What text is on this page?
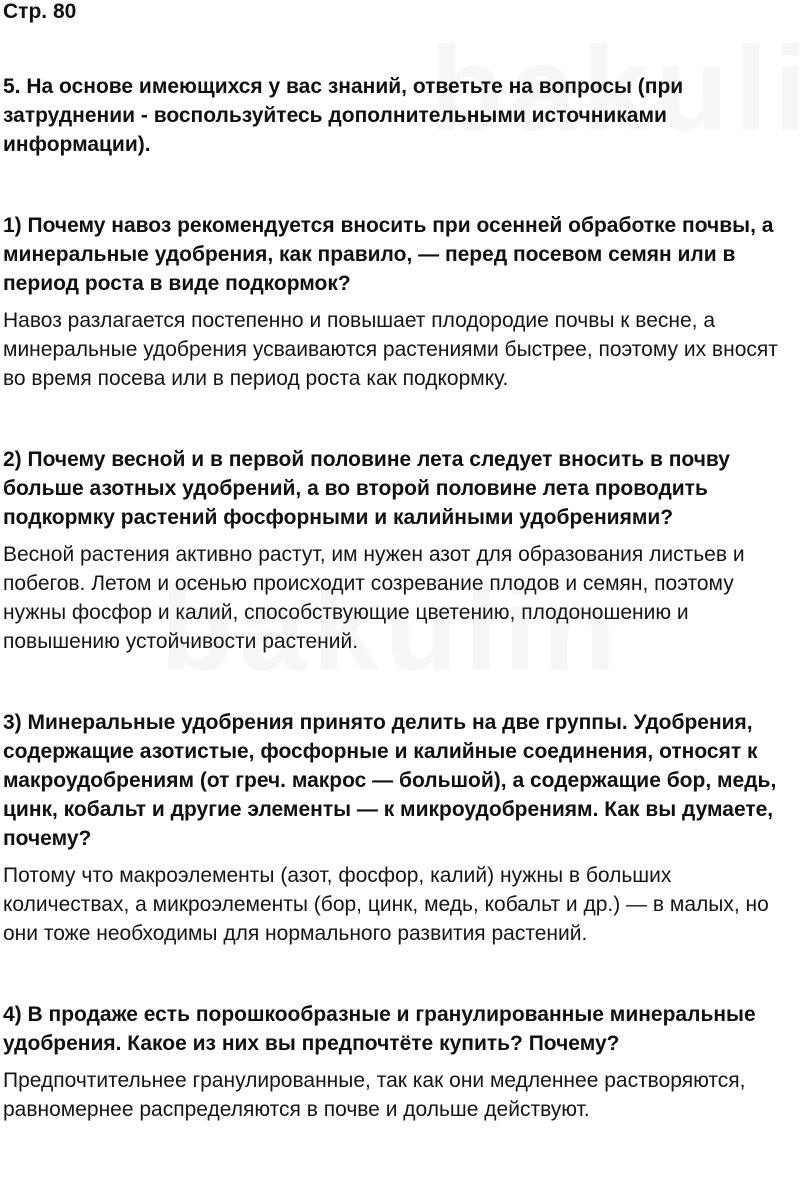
Стр. 80
5. На основе имеющихся у вас знаний, ответьте на вопросы (при затруднении - воспользуйтесь дополнительными источниками информации).
1) Почему навоз рекомендуется вносить при осенней обработке почвы, а минеральные удобрения, как правило, — перед посевом семян или в период роста в виде подкормок?
Навоз разлагается постепенно и повышает плодородие почвы к весне, а минеральные удобрения усваиваются растениями быстрее, поэтому их вносят во время посева или в период роста как подкормку.
2) Почему весной и в первой половине лета следует вносить в почву больше азотных удобрений, а во второй половине лета проводить подкормку растений фосфорными и калийными удобрениями?
Весной растения активно растут, им нужен азот для образования листьев и побегов. Летом и осенью происходит созревание плодов и семян, поэтому нужны фосфор и калий, способствующие цветению, плодоношению и повышению устойчивости растений.
3) Минеральные удобрения принято делить на две группы. Удобрения, содержащие азотистые, фосфорные и калийные соединения, относят к макроудобрениям (от греч. макрос — большой), а содержащие бор, медь, цинк, кобальт и другие элементы — к микроудобрениям. Как вы думаете, почему?
Потому что макроэлементы (азот, фосфор, калий) нужны в больших количествах, а микроэлементы (бор, цинк, медь, кобальт и др.) — в малых, но они тоже необходимы для нормального развития растений.
4) В продаже есть порошкообразные и гранулированные минеральные удобрения. Какое из них вы предпочтёте купить? Почему?
Предпочтительнее гранулированные, так как они медленнее растворяются, равномернее распределяются в почве и дольше действуют.
